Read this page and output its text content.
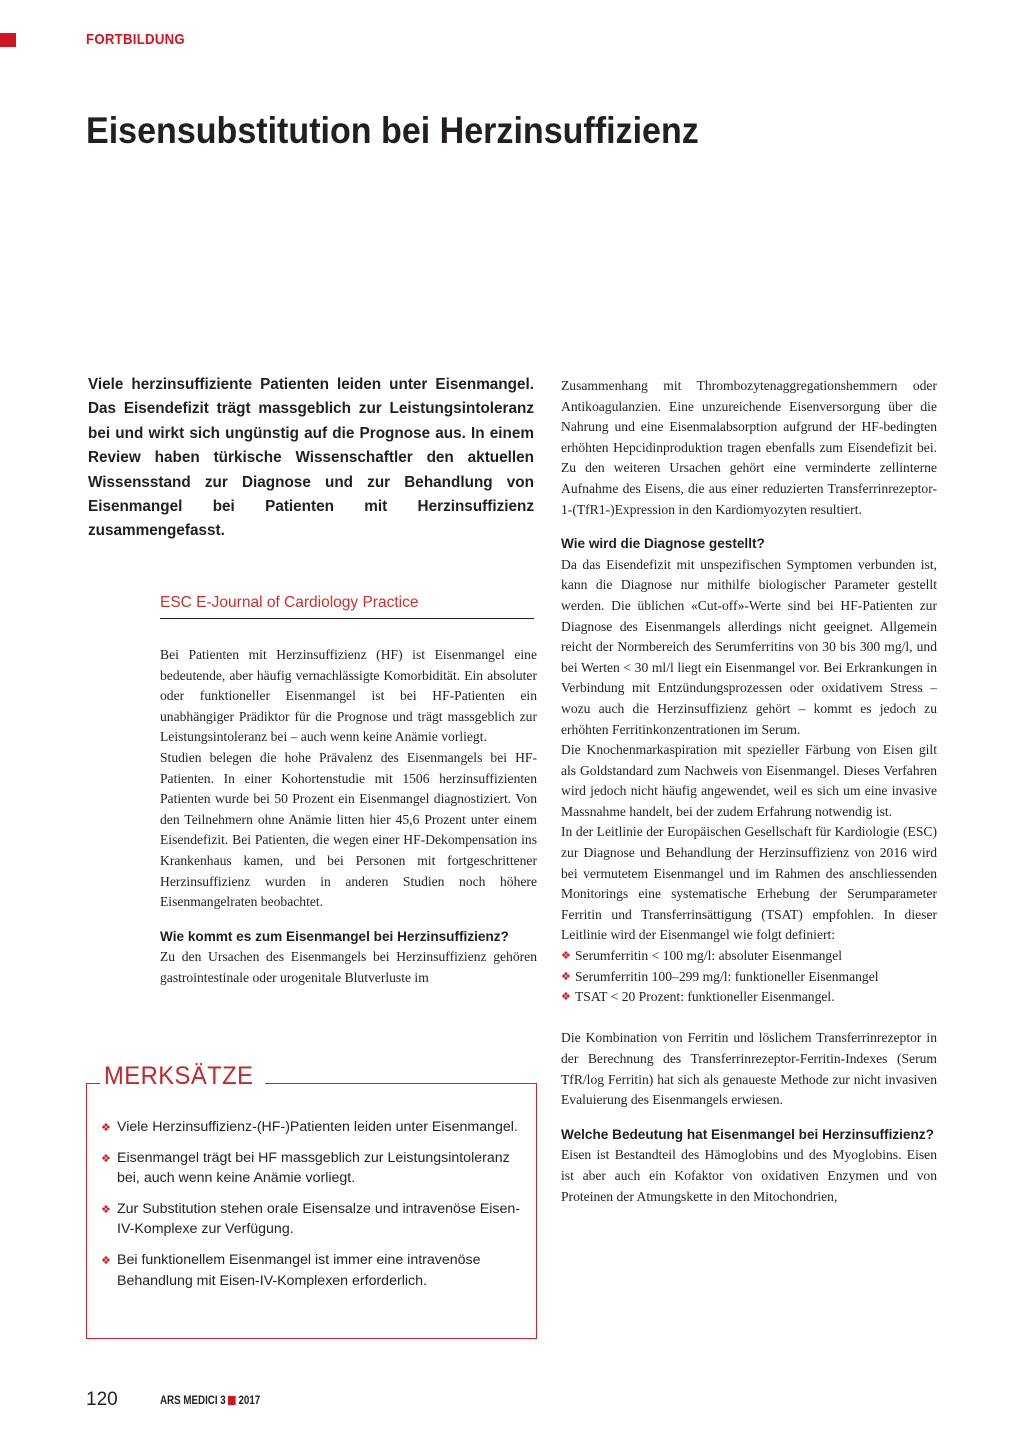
FORTBILDUNG
Eisensubstitution bei Herzinsuffizienz

Viele herzinsuffiziente Patienten leiden unter Eisenmangel. Das Eisendefizit trägt massgeblich zur Leistungsintoleranz bei und wirkt sich ungünstig auf die Prognose aus. In einem Review haben türkische Wissenschaftler den aktuellen Wissensstand zur Diagnose und zur Behandlung von Eisenmangel bei Patienten mit Herzinsuffizienz zusammengefasst.

ESC E-Journal of Cardiology Practice

Bei Patienten mit Herzinsuffizienz (HF) ist Eisenmangel eine bedeutende, aber häufig vernachlässigte Komorbidität. Ein absoluter oder funktioneller Eisenmangel ist bei HF-Patienten ein unabhängiger Prädiktor für die Prognose und trägt massgeblich zur Leistungsintoleranz bei – auch wenn keine Anämie vorliegt.

Studien belegen die hohe Prävalenz des Eisenmangels bei HF-Patienten. In einer Kohortenstudie mit 1506 herzinsuffizienten Patienten wurde bei 50 Prozent ein Eisenmangel diagnostiziert. Von den Teilnehmern ohne Anämie litten hier 45,6 Prozent unter einem Eisendefizit. Bei Patienten, die wegen einer HF-Dekompensation ins Krankenhaus kamen, und bei Personen mit fortgeschrittener Herzinsuffizienz wurden in anderen Studien noch höhere Eisenmangelraten beobachtet.

Wie kommt es zum Eisenmangel bei Herzinsuffizienz?

Zu den Ursachen des Eisenmangels bei Herzinsuffizienz gehören gastrointestinale oder urogenitale Blutverluste im

Zusammenhang mit Thrombozytenaggregationshemmern oder Antikoagulanzien. Eine unzureichende Eisenversorgung über die Nahrung und eine Eisenmalabsorption aufgrund der HF-bedingten erhöhten Hepcidinproduktion tragen ebenfalls zum Eisendefizit bei. Zu den weiteren Ursachen gehört eine verminderte zellinterne Aufnahme des Eisens, die aus einer reduzierten Transferrinrezeptor-1-(TfR1-)Expression in den Kardiomyozyten resultiert.

Wie wird die Diagnose gestellt?

Da das Eisendefizit mit unspezifischen Symptomen verbunden ist, kann die Diagnose nur mithilfe biologischer Parameter gestellt werden. Die üblichen «Cut-off»-Werte sind bei HF-Patienten zur Diagnose des Eisenmangels allerdings nicht geeignet. Allgemein reicht der Normbereich des Serumferritins von 30 bis 300 mg/l, und bei Werten < 30 ml/l liegt ein Eisenmangel vor. Bei Erkrankungen in Verbindung mit Entzündungsprozessen oder oxidativem Stress – wozu auch die Herzinsuffizienz gehört – kommt es jedoch zu erhöhten Ferritinkonzentrationen im Serum.

Die Knochenmarkaspiration mit spezieller Färbung von Eisen gilt als Goldstandard zum Nachweis von Eisenmangel. Dieses Verfahren wird jedoch nicht häufig angewendet, weil es sich um eine invasive Massnahme handelt, bei der zudem Erfahrung notwendig ist.

In der Leitlinie der Europäischen Gesellschaft für Kardiologie (ESC) zur Diagnose und Behandlung der Herzinsuffizienz von 2016 wird bei vermutetem Eisenmangel und im Rahmen des anschliessenden Monitorings eine systematische Erhebung der Serumparameter Ferritin und Transferrinsättigung (TSAT) empfohlen. In dieser Leitlinie wird der Eisenmangel wie folgt definiert:

❖ Serumferritin < 100 mg/l: absoluter Eisenmangel
❖ Serumferritin 100–299 mg/l: funktioneller Eisenmangel
❖ TSAT < 20 Prozent: funktioneller Eisenmangel.

Die Kombination von Ferritin und löslichem Transferrinrezeptor in der Berechnung des Transferrinrezeptor-Ferritin-Indexes (Serum TfR/log Ferritin) hat sich als genaueste Methode zur nicht invasiven Evaluierung des Eisenmangels erwiesen.

Welche Bedeutung hat Eisenmangel bei Herzinsuffizienz?

Eisen ist Bestandteil des Hämoglobins und des Myoglobins. Eisen ist aber auch ein Kofaktor von oxidativen Enzymen und von Proteinen der Atmungskette in den Mitochondrien,

MERKSÄTZE
❖ Viele Herzinsuffizienz-(HF-)Patienten leiden unter Eisenmangel.
❖ Eisenmangel trägt bei HF massgeblich zur Leistungsintoleranz bei, auch wenn keine Anämie vorliegt.
❖ Zur Substitution stehen orale Eisensalze und intravenöse Eisen-IV-Komplexe zur Verfügung.
❖ Bei funktionellem Eisenmangel ist immer eine intravenöse Behandlung mit Eisen-IV-Komplexen erforderlich.
120	ARS MEDICI 3 2017
